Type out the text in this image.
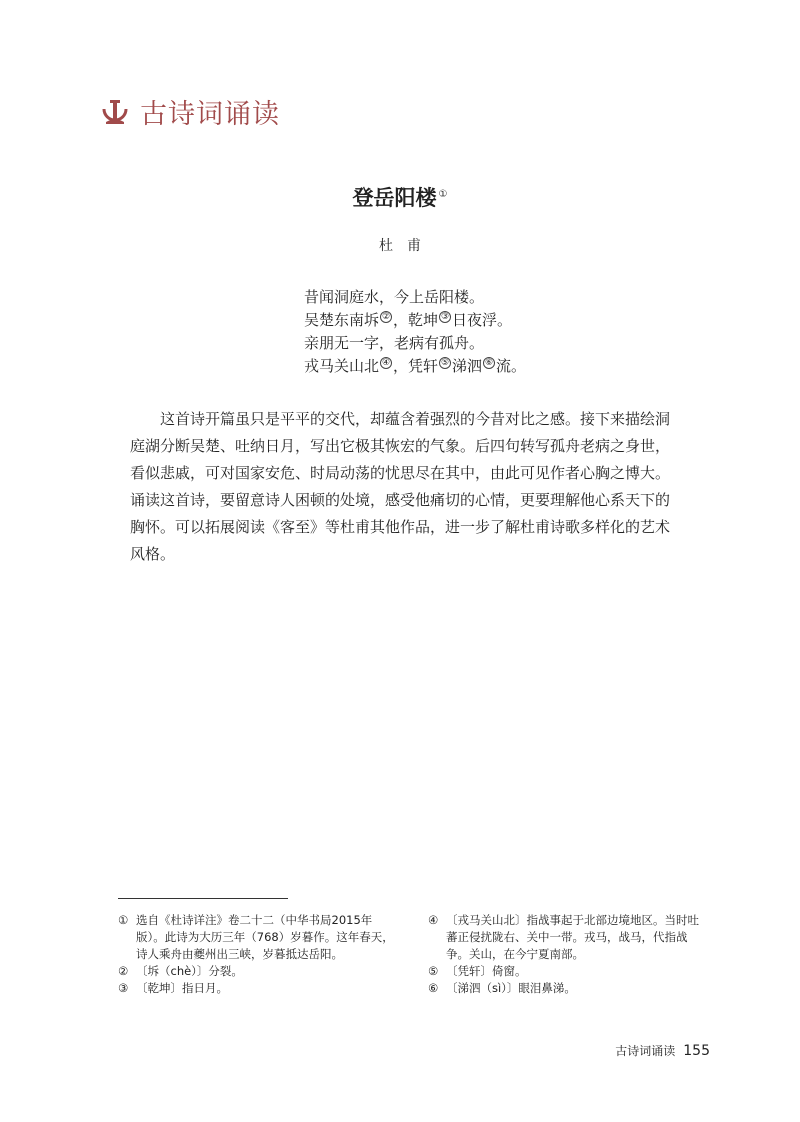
古诗词诵读
登岳阳楼 ①
杜甫
昔闻洞庭水，今上岳阳楼。
吴楚东南坼 ② ，乾坤 ③ 日夜浮。
亲朋无一字，老病有孤舟。
戎马关山北 ④ ，凭轩 ⑤ 涕泗 ⑥ 流。
这首诗开篇虽只是平平的交代，却蕴含着强烈的今昔对比之感。接下来描绘洞庭湖分断吴楚、吐纳日月，写出它极其恢宏的气象。后四句转写孤舟老病之身世，看似悲戚，可对国家安危、时局动荡的忧思尽在其中，由此可见作者心胸之博大。诵读这首诗，要留意诗人困顿的处境，感受他痛切的心情，更要理解他心系天下的胸怀。可以拓展阅读《客至》等杜甫其他作品，进一步了解杜甫诗歌多样化的艺术风格。
① 选自《杜诗详注》卷二十二（中华书局2015年版）。此诗为大历三年（768）岁暮作。这年春天，诗人乘舟由夔州出三峡，岁暮抵达岳阳。
② 〔坼（chè）〕分裂。
③ 〔乾坤〕指日月。
④ 〔戎马关山北〕指战事起于北部边境地区。当时吐蕃正侵扰陇右、关中一带。戎马，战马，代指战争。关山，在今宁夏南部。
⑤ 〔凭轩〕倚窗。
⑥ 〔涕泗（sì）〕眼泪鼻涕。
古诗词诵读 155
